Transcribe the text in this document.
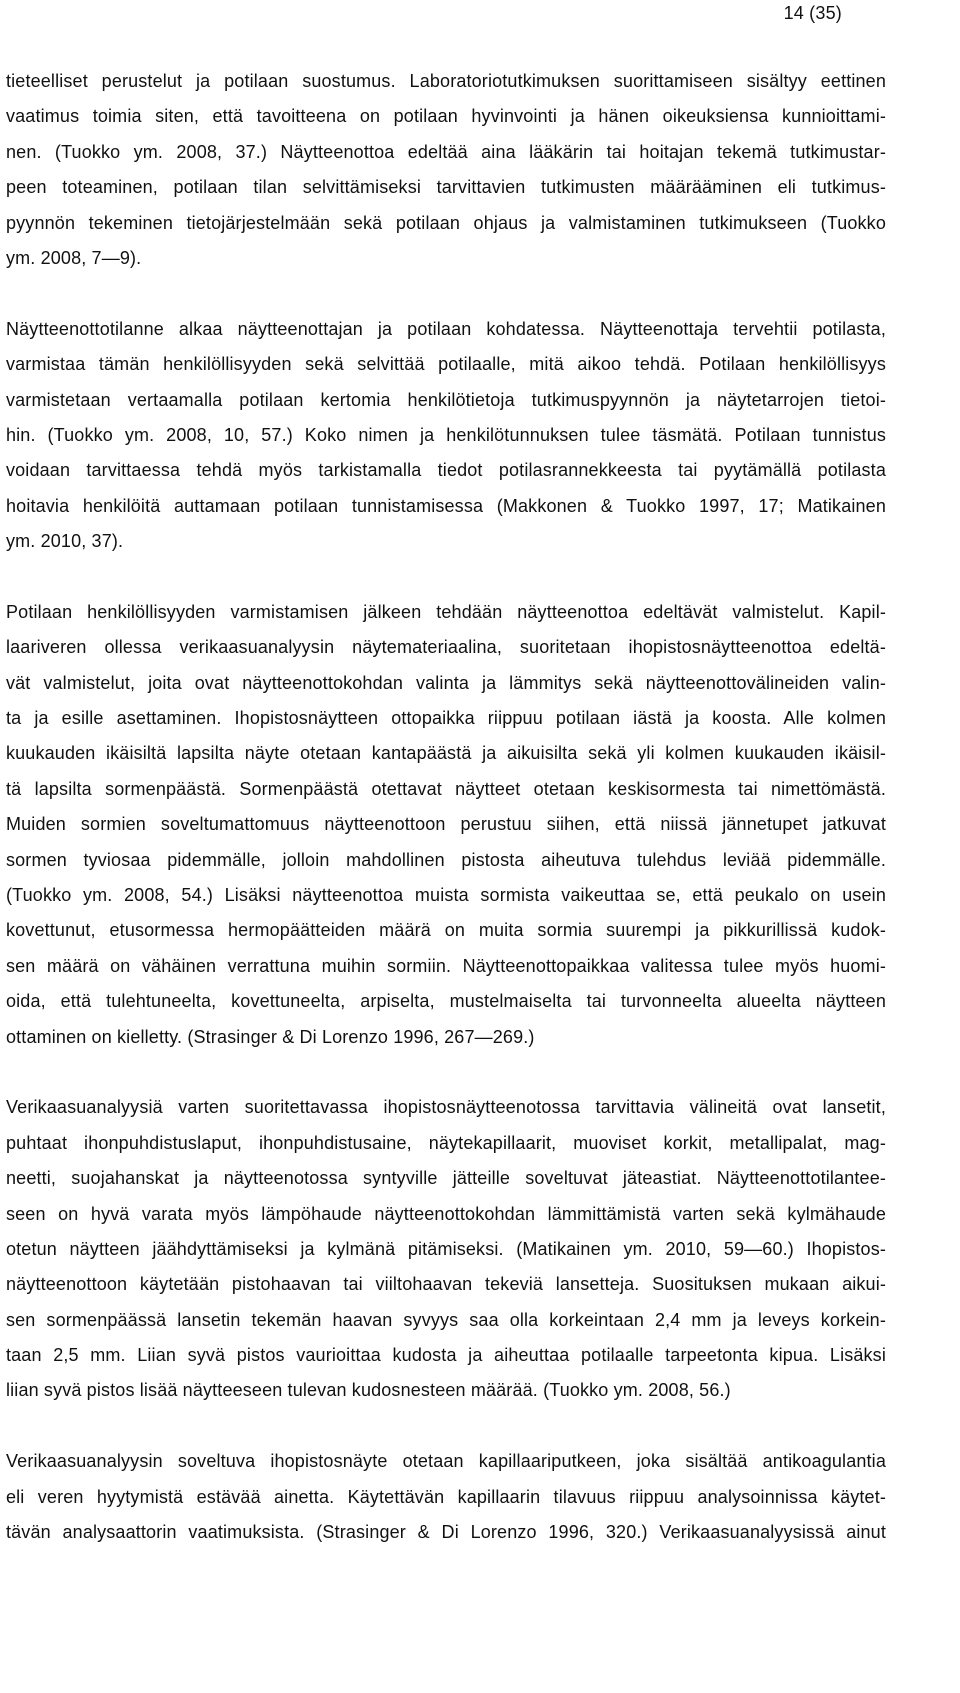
14 (35)
tieteelliset perustelut ja potilaan suostumus. Laboratoriotutkimuksen suorittamiseen sisältyy eettinen
vaatimus toimia siten, että tavoitteena on potilaan hyvinvointi ja hänen oikeuksiensa kunnioittami-
nen. (Tuokko ym. 2008, 37.) Näytteenottoa edeltää aina lääkärin tai hoitajan tekemä tutkimustar-
peen toteaminen, potilaan tilan selvittämiseksi tarvittavien tutkimusten määrääminen eli tutkimus-
pyynnön tekeminen tietojärjestelmään sekä potilaan ohjaus ja valmistaminen tutkimukseen (Tuokko
ym. 2008, 7—9).
Näytteenottotilanne alkaa näytteenottajan ja potilaan kohdatessa. Näytteenottaja tervehtii potilasta,
varmistaa tämän henkilöllisyyden sekä selvittää potilaalle, mitä aikoo tehdä. Potilaan henkilöllisyys
varmistetaan vertaamalla potilaan kertomia henkilötietoja tutkimuspyynnön ja näytetarrojen tietoi-
hin. (Tuokko ym. 2008, 10, 57.) Koko nimen ja henkilötunnuksen tulee täsmätä. Potilaan tunnistus
voidaan tarvittaessa tehdä myös tarkistamalla tiedot potilasrannekkeesta tai pyytämällä potilasta
hoitavia henkilöitä auttamaan potilaan tunnistamisessa (Makkonen & Tuokko 1997, 17; Matikainen
ym. 2010, 37).
Potilaan henkilöllisyyden varmistamisen jälkeen tehdään näytteenottoa edeltävät valmistelut. Kapil-
laariveren ollessa verikaasuanalyysin näytemateriaalina, suoritetaan ihopistosnäytteenottoa edeltä-
vät valmistelut, joita ovat näytteenottokohdan valinta ja lämmitys sekä näytteenottovälineiden valin-
ta ja esille asettaminen. Ihopistosnäytteen ottopaikka riippuu potilaan iästä ja koosta. Alle kolmen
kuukauden ikäisiltä lapsilta näyte otetaan kantapäästä ja aikuisilta sekä yli kolmen kuukauden ikäisil-
tä lapsilta sormenpäästä. Sormenpäästä otettavat näytteet otetaan keskisormesta tai nimettömästä.
Muiden sormien soveltumattomuus näytteenottoon perustuu siihen, että niissä jännetupet jatkuvat
sormen tyviosaa pidemmälle, jolloin mahdollinen pistosta aiheutuva tulehdus leviää pidemmälle.
(Tuokko ym. 2008, 54.) Lisäksi näytteenottoa muista sormista vaikeuttaa se, että peukalo on usein
kovettunut, etusormessa hermopäätteiden määrä on muita sormia suurempi ja pikkurillissä kudok-
sen määrä on vähäinen verrattuna muihin sormiin. Näytteenottopaikkaa valitessa tulee myös huomi-
oida, että tulehtuneelta, kovettuneelta, arpiselta, mustelmaiselta tai turvonneelta alueelta näytteen
ottaminen on kielletty. (Strasinger & Di Lorenzo 1996, 267—269.)
Verikaasuanalyysiä varten suoritettavassa ihopistosnäytteenotossa tarvittavia välineitä ovat lansetit,
puhtaat ihonpuhdistuslaput, ihonpuhdistusaine, näytekapillaarit, muoviset korkit, metallipalat, mag-
neetti, suojahanskat ja näytteenotossa syntyville jätteille soveltuvat jäteastiat. Näytteenottotilantee-
seen on hyvä varata myös lämpöhaude näytteenottokohdan lämmittämistä varten sekä kylmähaude
otetun näytteen jäähdyttämiseksi ja kylmänä pitämiseksi. (Matikainen ym. 2010, 59—60.) Ihopistos-
näytteenottoon käytetään pistohaavan tai viiltohaavan tekeviä lansetteja. Suosituksen mukaan aikui-
sen sormenpäässä lansetin tekemän haavan syvyys saa olla korkeintaan 2,4 mm ja leveys korkein-
taan 2,5 mm. Liian syvä pistos vaurioittaa kudosta ja aiheuttaa potilaalle tarpeetonta kipua. Lisäksi
liian syvä pistos lisää näytteeseen tulevan kudosnesteen määrää. (Tuokko ym. 2008, 56.)
Verikaasuanalyysin soveltuva ihopistosnäyte otetaan kapillaariputkeen, joka sisältää antikoagulantia
eli veren hyytymistä estävää ainetta. Käytettävän kapillaarin tilavuus riippuu analysoinnissa käytet-
tävän analysaattorin vaatimuksista. (Strasinger & Di Lorenzo 1996, 320.) Verikaasuanalyysissä ainut
